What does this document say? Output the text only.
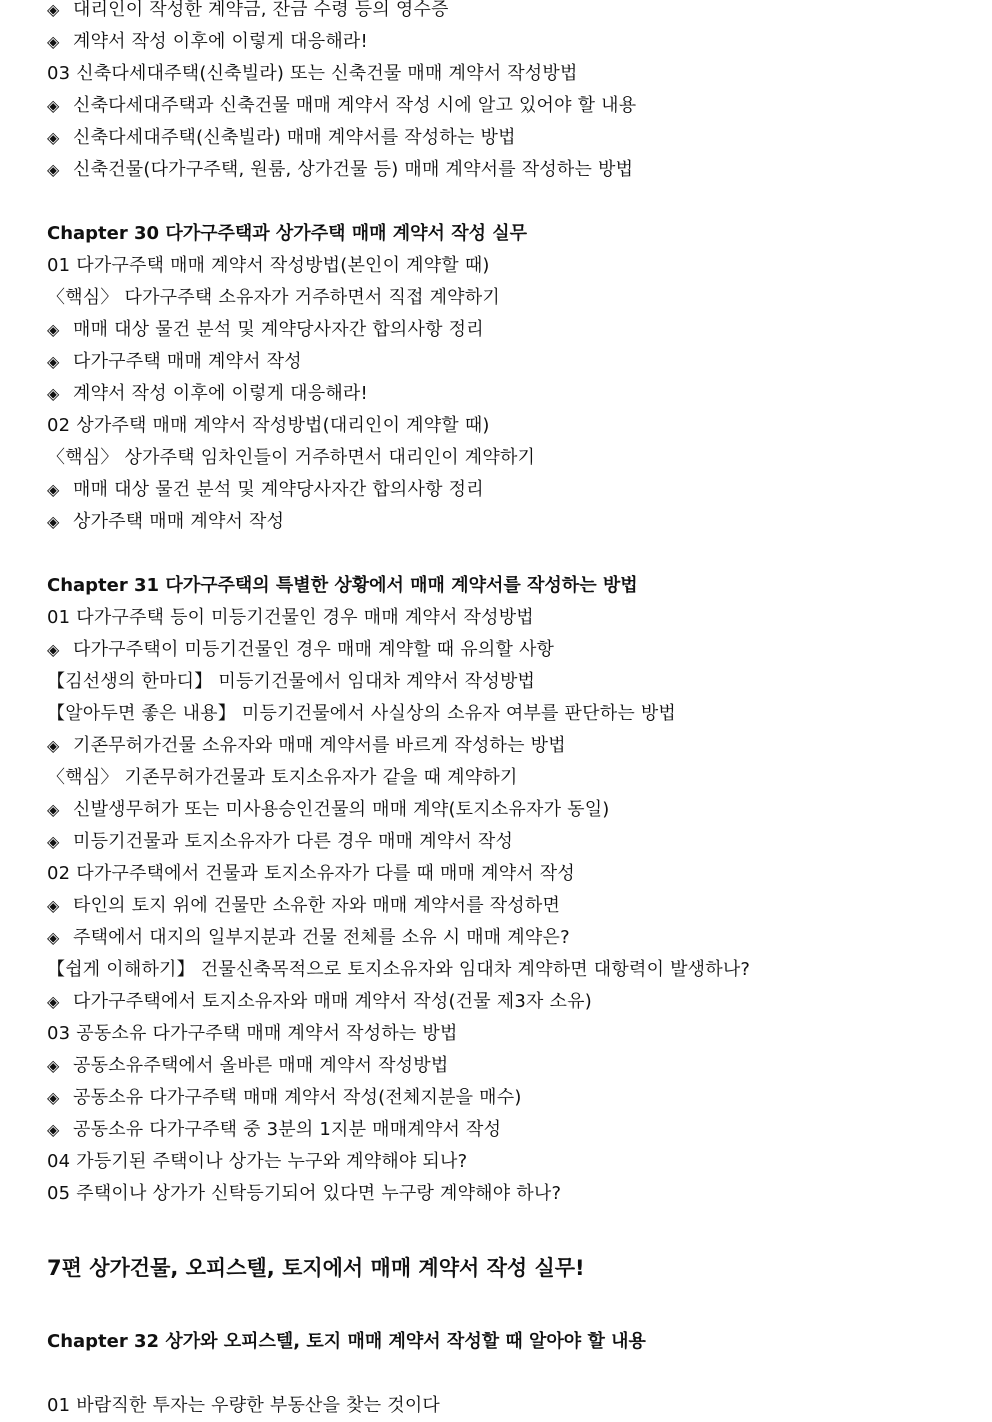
◈ 대리인이 작성한 계약금, 잔금 수령 등의 영수증
◈ 계약서 작성 이후에 이렇게 대응해라!
03 신축다세대주택(신축빌라) 또는 신축건물 매매 계약서 작성방법
◈ 신축다세대주택과 신축건물 매매 계약서 작성 시에 알고 있어야 할 내용
◈ 신축다세대주택(신축빌라) 매매 계약서를 작성하는 방법
◈ 신축건물(다가구주택, 원룸, 상가건물 등) 매매 계약서를 작성하는 방법
Chapter 30 다가구주택과 상가주택 매매 계약서 작성 실무
01 다가구주택 매매 계약서 작성방법(본인이 계약할 때)
〈핵심〉 다가구주택 소유자가 거주하면서 직접 계약하기
◈ 매매 대상 물건 분석 및 계약당사자간 합의사항 정리
◈ 다가구주택 매매 계약서 작성
◈ 계약서 작성 이후에 이렇게 대응해라!
02 상가주택 매매 계약서 작성방법(대리인이 계약할 때)
〈핵심〉 상가주택 임차인들이 거주하면서 대리인이 계약하기
◈ 매매 대상 물건 분석 및 계약당사자간 합의사항 정리
◈ 상가주택 매매 계약서 작성
Chapter 31 다가구주택의 특별한 상황에서 매매 계약서를 작성하는 방법
01 다가구주택 등이 미등기건물인 경우 매매 계약서 작성방법
◈ 다가구주택이 미등기건물인 경우 매매 계약할 때 유의할 사항
【김선생의 한마디】 미등기건물에서 임대차 계약서 작성방법
【알아두면 좋은 내용】 미등기건물에서 사실상의 소유자 여부를 판단하는 방법
◈ 기존무허가건물 소유자와 매매 계약서를 바르게 작성하는 방법
〈핵심〉 기존무허가건물과 토지소유자가 같을 때 계약하기
◈ 신발생무허가 또는 미사용승인건물의 매매 계약(토지소유자가 동일)
◈ 미등기건물과 토지소유자가 다른 경우 매매 계약서 작성
02 다가구주택에서 건물과 토지소유자가 다를 때 매매 계약서 작성
◈ 타인의 토지 위에 건물만 소유한 자와 매매 계약서를 작성하면
◈ 주택에서 대지의 일부지분과 건물 전체를 소유 시 매매 계약은?
【쉽게 이해하기】 건물신축목적으로 토지소유자와 임대차 계약하면 대항력이 발생하나?
◈ 다가구주택에서 토지소유자와 매매 계약서 작성(건물 제3자 소유)
03 공동소유 다가구주택 매매 계약서 작성하는 방법
◈ 공동소유주택에서 올바른 매매 계약서 작성방법
◈ 공동소유 다가구주택 매매 계약서 작성(전체지분을 매수)
◈ 공동소유 다가구주택 중 3분의 1지분 매매계약서 작성
04 가등기된 주택이나 상가는 누구와 계약해야 되나?
05 주택이나 상가가 신탁등기되어 있다면 누구랑 계약해야 하나?
7편 상가건물, 오피스텔, 토지에서 매매 계약서 작성 실무!
Chapter 32 상가와 오피스텔, 토지 매매 계약서 작성할 때 알아야 할 내용
01 바람직한 투자는 우량한 부동산을 찾는 것이다
